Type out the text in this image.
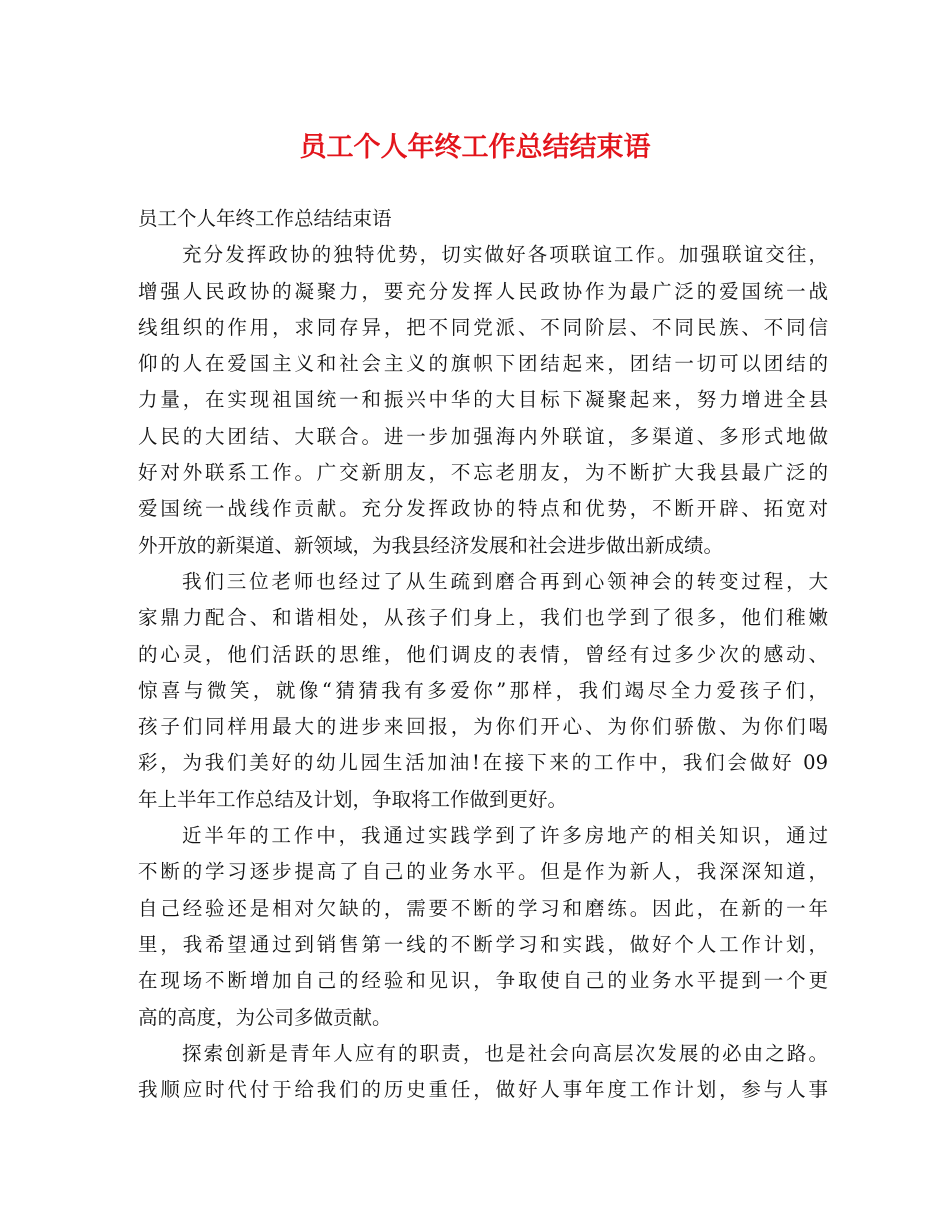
员工个人年终工作总结结束语

员工个人年终工作总结结束语

充分发挥政协的独特优势，切实做好各项联谊工作。加强联谊交往，
增强人民政协的凝聚力，要充分发挥人民政协作为最广泛的爱国统一战
线组织的作用，求同存异，把不同党派、不同阶层、不同民族、不同信
仰的人在爱国主义和社会主义的旗帜下团结起来，团结一切可以团结的
力量，在实现祖国统一和振兴中华的大目标下凝聚起来，努力增进全县
人民的大团结、大联合。进一步加强海内外联谊，多渠道、多形式地做
好对外联系工作。广交新朋友，不忘老朋友，为不断扩大我县最广泛的
爱国统一战线作贡献。充分发挥政协的特点和优势，不断开辟、拓宽对
外开放的新渠道、新领域，为我县经济发展和社会进步做出新成绩。
我们三位老师也经过了从生疏到磨合再到心领神会的转变过程，大
家鼎力配合、和谐相处，从孩子们身上，我们也学到了很多，他们稚嫩
的心灵，他们活跃的思维，他们调皮的表情，曾经有过多少次的感动、
惊喜与微笑，就像“猜猜我有多爱你”那样，我们竭尽全力爱孩子们，
孩子们同样用最大的进步来回报，为你们开心、为你们骄傲、为你们喝
彩，为我们美好的幼儿园生活加油!在接下来的工作中，我们会做好 09
年上半年工作总结及计划，争取将工作做到更好。
近半年的工作中，我通过实践学到了许多房地产的相关知识，通过
不断的学习逐步提高了自己的业务水平。但是作为新人，我深深知道，
自己经验还是相对欠缺的，需要不断的学习和磨练。因此，在新的一年
里，我希望通过到销售第一线的不断学习和实践，做好个人工作计划，
在现场不断增加自己的经验和见识，争取使自己的业务水平提到一个更
高的高度，为公司多做贡献。
探索创新是青年人应有的职责，也是社会向高层次发展的必由之路。
我顺应时代付于给我们的历史重任，做好人事年度工作计划，参与人事
